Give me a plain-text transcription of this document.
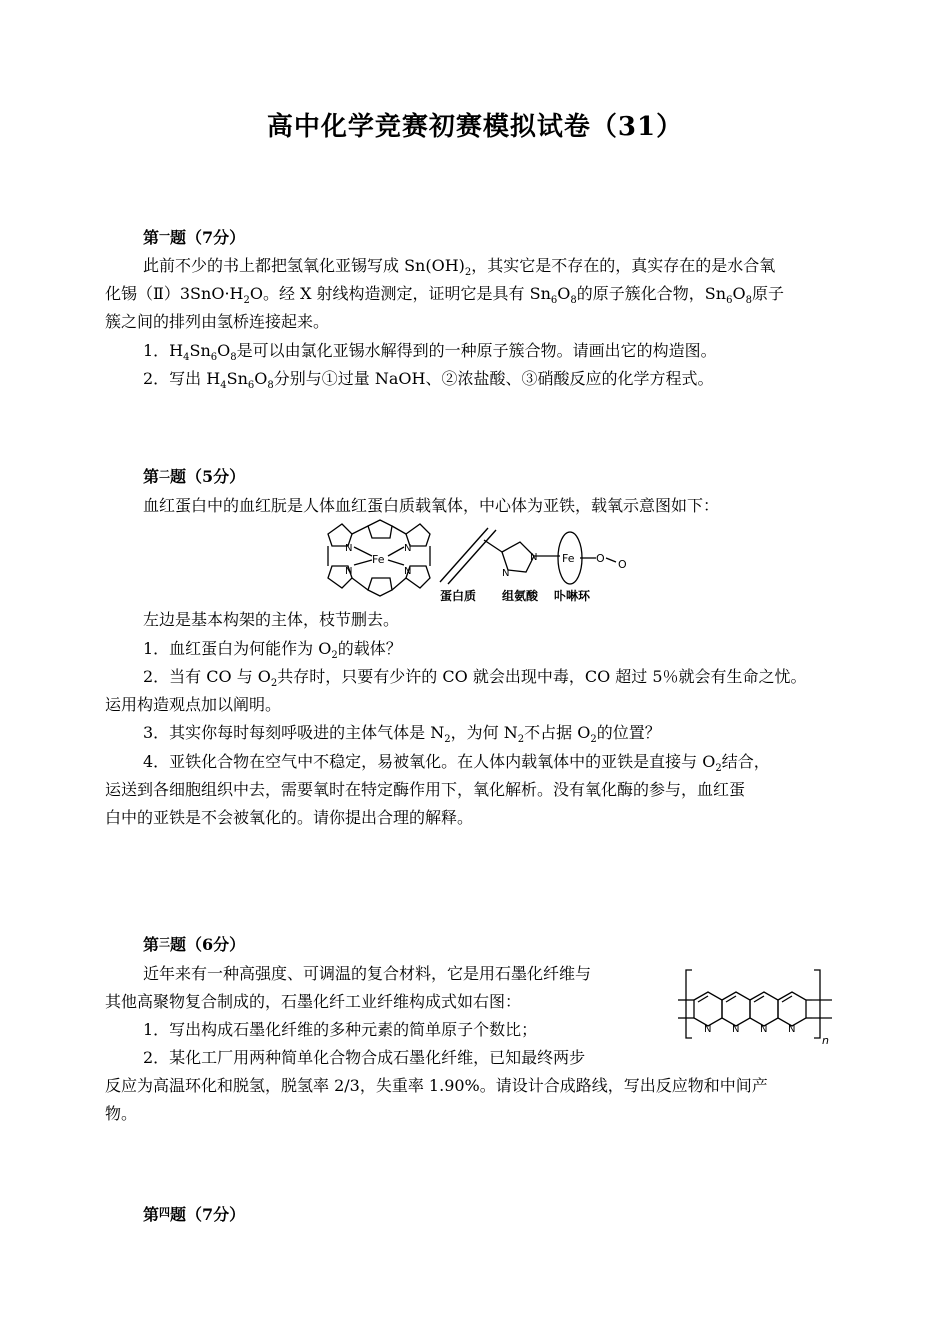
高中化学竞赛初赛模拟试卷（31）
第$^一$题（7分）
此前不少的书上都把氢氧化亚锡写成 $Sn(OH)_2$，其实它是不存在的，真实存在的是水合氧
化锡$(Ⅱ)3SnO\cdot H_2O$。经 X 射线构造测定，证明它是具有 $Sn_6O_8$的原子簇化合物，$Sn_6O_8$原子
簇之间的排列由氢桥连接起来。
1．$H_4Sn_6O_8$是可以由氯化亚锡水解得到的一种原子簇合物。请画出它的构造图。
2．写出 $H_4Sn_6O_8$分别与①过量 NaOH、②浓盐酸、③硝酸反应的化学方程式。
第$^二$题（5分）
血红蛋白中的血红朊是人体血红蛋白质载氧体，中心体为亚铁，载氧示意图如下：
N	N
N	N
Fe
N
N Fe O O
蛋白质 组氨酸 卟啉环
左边是基本构架的主体，枝节删去。
1．血红蛋白为何能作为 $O_2$的载体？
2．当有 CO 与 $O_2$共存时，只要有少许的 CO 就会出现中毒，CO 超过 5％就会有生命之忧。
运用构造观点加以阐明。
3．其实你每时每刻呼吸进的主体气体是 $N_2$，为何 $N_2$不占据 $O_2$的位置？
4．亚铁化合物在空气中不稳定，易被氧化。在人体内载氧体中的亚铁是直接与 $O_2$结合，
运送到各细胞组织中去，需要氧时在特定酶作用下，氧化解析。没有氧化酶的参与，血红蛋
白中的亚铁是不会被氧化的。请你提出合理的解释。
第$^三$题（6分）
近年来有一种高强度、可调温的复合材料，它是用石墨化纤维与
其他高聚物复合制成的，石墨化纤工业纤维构成式如右图：
1．写出构成石墨化纤维的多种元素的简单原子个数比；
2．某化工厂用两种简单化合物合成石墨化纤维，已知最终两步
反应为高温环化和脱氢，脱氢率 2/3，失重率 1.90%。请设计合成路线，写出反应物和中间产
物。
N N N N
n
第$^四$题（7分）
